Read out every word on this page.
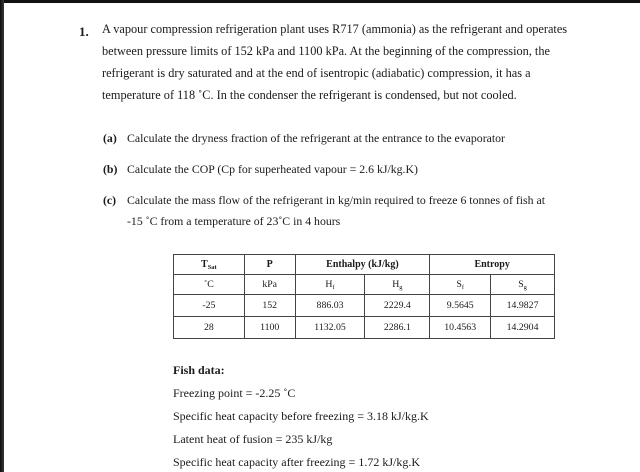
1. A vapour compression refrigeration plant uses R717 (ammonia) as the refrigerant and operates
between pressure limits of 152 kPa and 1100 kPa. At the beginning of the compression, the
refrigerant is dry saturated and at the end of isentropic (adiabatic) compression, it has a
temperature of 118 ˚C. In the condenser the refrigerant is condensed, but not cooled.
(a) Calculate the dryness fraction of the refrigerant at the entrance to the evaporator
(b) Calculate the COP (Cp for superheated vapour = 2.6 kJ/kg.K)
(c) Calculate the mass flow of the refrigerant in kg/min required to freeze 6 tonnes of fish at
-15 ˚C from a temperature of 23˚C in 4 hours
$T_{Sat}$	P	Enthalpy (kJ/kg)		Entropy	
˚C	kPa	$H_f$	$H_g$	$S_f$	$S_g$
-25	152	886.03	2229.4	9.5645	14.9827
28	1100	1132.05	2286.1	10.4563	14.2904
Fish data:
Freezing point = -2.25 ˚C
Specific heat capacity before freezing = 3.18 kJ/kg.K
Latent heat of fusion = 235 kJ/kg
Specific heat capacity after freezing = 1.72 kJ/kg.K
